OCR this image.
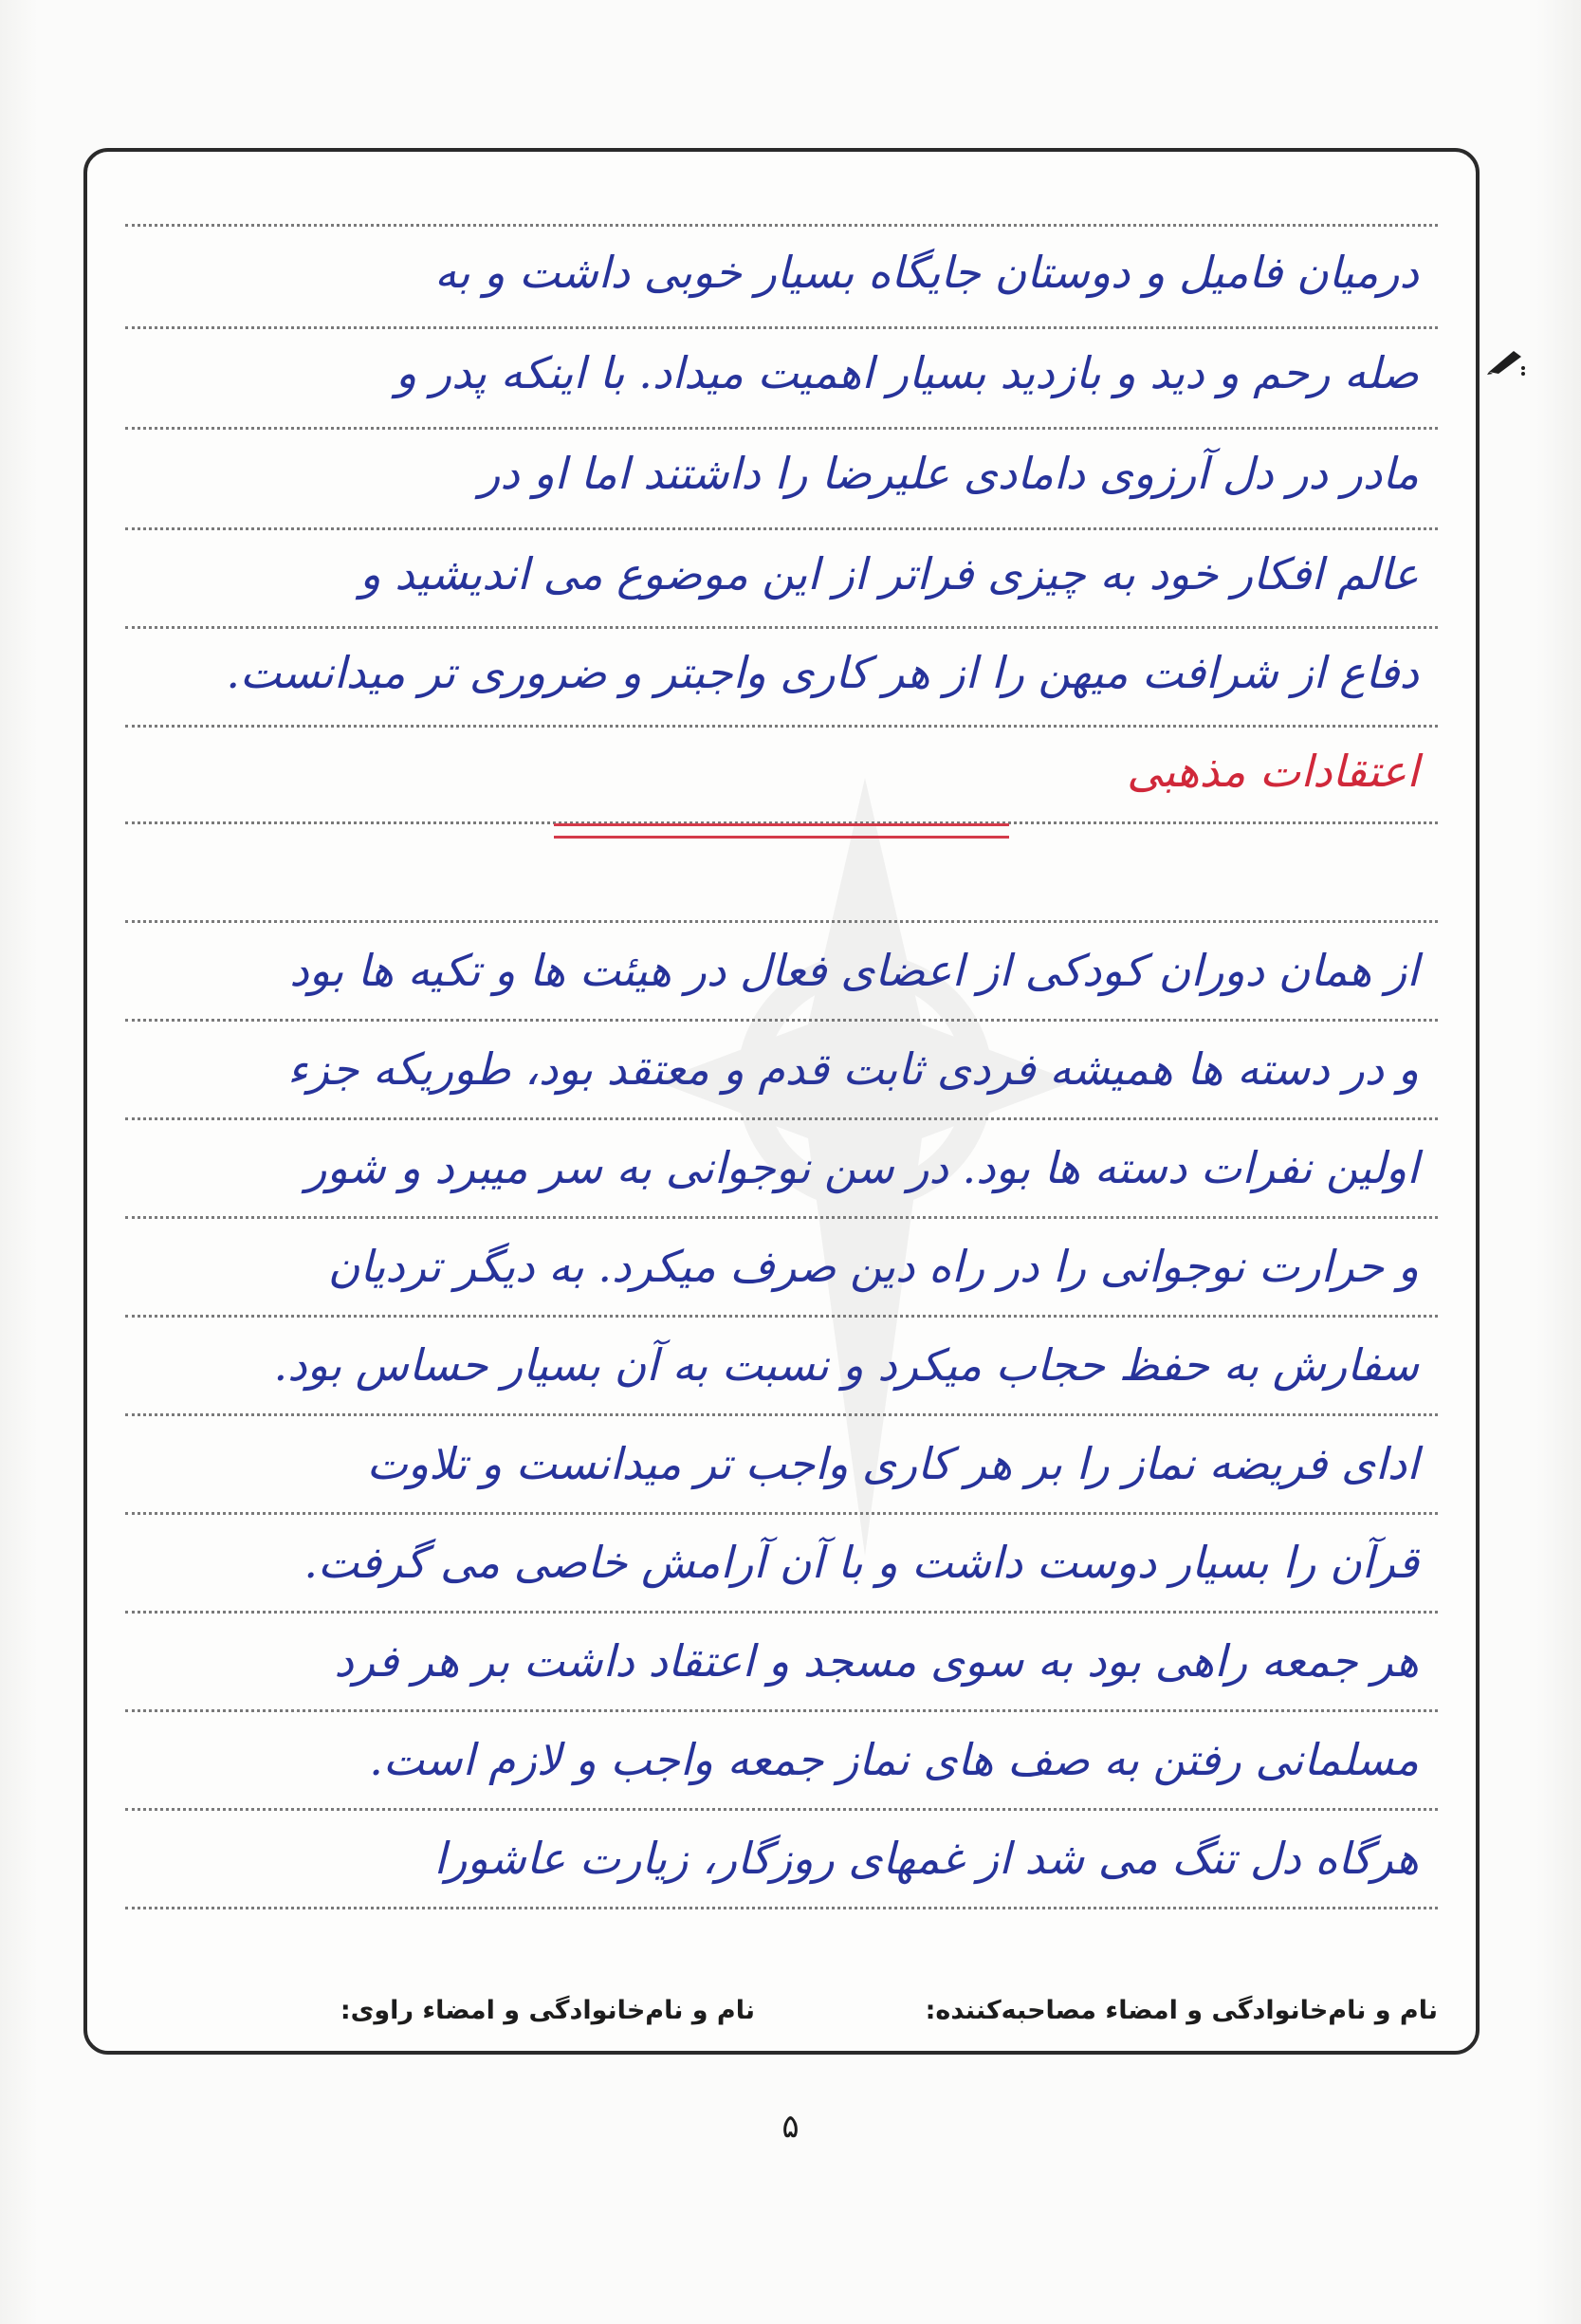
درمیان فامیل و دوستان جایگاه بسیار خوبی داشت و به
صله رحم و دید و بازدید بسیار اهمیت میداد. با اینکه پدر و
مادر در دل آرزوی دامادی علیرضا را داشتند اما او در
عالم افکار خود به چیزی فراتر از این موضوع می اندیشید و
دفاع از شرافت میهن را از هر کاری واجبتر و ضروری تر میدانست.
اعتقادات مذهبی
از همان دوران کودکی از اعضای فعال در هیئت ها و تکیه ها بود
و در دسته ها همیشه فردی ثابت قدم و معتقد بود، طوریکه جزء
اولین نفرات دسته ها بود. در سن نوجوانی به سر میبرد و شور
و حرارت نوجوانی را در راه دین صرف میکرد. به دیگر ترديان
سفارش به حفظ حجاب میکرد و نسبت به آن بسیار حساس بود.
ادای فریضه نماز را بر هر کاری واجب تر میدانست و تلاوت
قرآن را بسیار دوست داشت و با آن آرامش خاصی می گرفت.
هر جمعه راهی بود به سوی مسجد و اعتقاد داشت بر هر فرد
مسلمانی رفتن به صف های نماز جمعه واجب و لازم است.
هرگاه دل تنگ می شد از غمهای روزگار، زیارت عاشورا
نام و نام‌خانوادگی و امضاء مصاحبه‌کننده:
نام و نام‌خانوادگی و امضاء راوی:
۵
